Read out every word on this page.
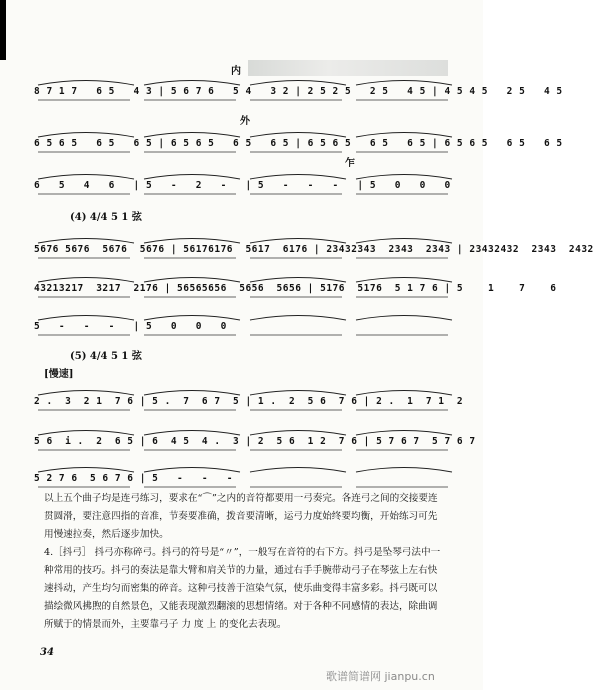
内
8 7 1 7   6 5   4 3 | 5 6 7 6   5 4   3 2 | 2 5 2 5   2 5   4 5 | 4 5 4 5   2 5   4 5
6 5 6 5   6 5   6 5 | 6 5 6 5   6 5   6 5 | 6 5 6 5   6 5   6 5 | 6 5 6 5   6 5   6 5
6   5   4   6   | 5   -   2   -   | 5   -   -   -   | 5   0   0   0
5676 5676  5676  5676 | 56176176  5617  6176 | 23432343  2343  2343 | 23432432  2343  2432
43213217  3217  2176 | 56565656  5656  5656 | 5176  5176  5 1 7 6 | 5    1    7    6
5   -   -   -   | 5   0   0   0
2 .  3  2 1  7 6 | 5 .  7  6 7  5 | 1 .  2  5 6  7 6 | 2 .  1  7 1  2
5 6  i .  2  6 5 | 6  4 5  4 .  3 | 2  5 6  1 2  7 6 | 5 7 6 7  5 7 6 7
5 2 7 6  5 6 7 6 | 5   -   -   -
外
乍
(4) 4/4 5 1 弦
(5) 4/4 5 1 弦
[慢速]

以上五个曲子均是连弓练习，要求在“⌒”之内的音符都要用一弓奏完。各连弓之间的交接要连贯圆滑，要注意四指的音准，节奏要准确，拨音要清晰，运弓力度始终要均衡，开始练习可先用慢速拉奏，然后逐步加快。

4.［抖弓］ 抖弓亦称碎弓。抖弓的符号是“〃”，一般写在音符的右下方。抖弓是坠琴弓法中一种常用的技巧。抖弓的奏法是靠大臂和肩关节的力量，通过右手手腕带动弓子在琴弦上左右快速抖动，产生均匀而密集的碎音。这种弓技善于渲染气氛，使乐曲变得丰富多彩。抖弓既可以描绘微风拂煦的自然景色，又能表现激烈翻滚的思想情绪。对于各种不同感情的表达，除曲调所赋于的情景而外，主要靠弓子 力 度 上 的变化去表现。

34
歌谱简谱网 jianpu.cn
